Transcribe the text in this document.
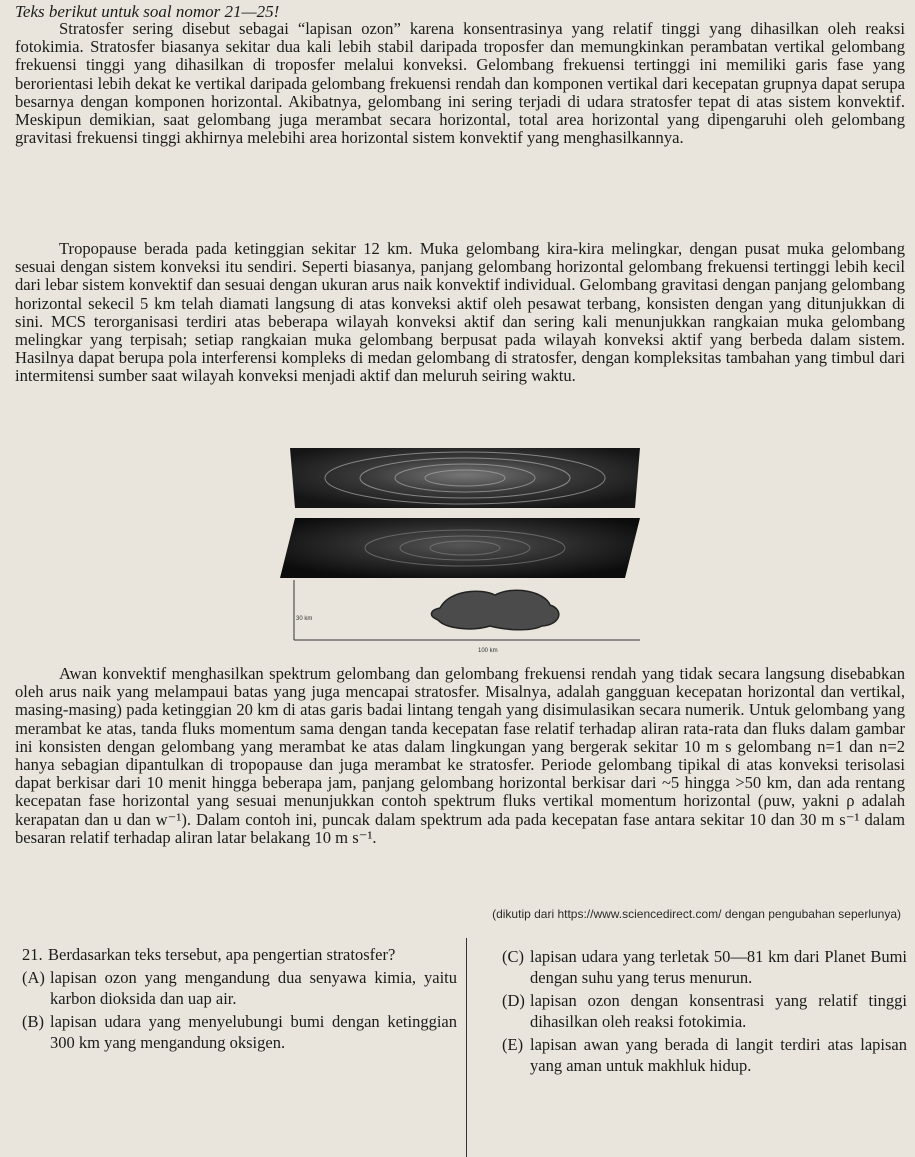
Teks berikut untuk soal nomor 21—25!

Stratosfer sering disebut sebagai “lapisan ozon” karena konsentrasinya yang relatif tinggi yang dihasilkan oleh reaksi fotokimia. Stratosfer biasanya sekitar dua kali lebih stabil daripada troposfer dan memungkinkan perambatan vertikal gelombang frekuensi tinggi yang dihasilkan di troposfer melalui konveksi. Gelombang frekuensi tertinggi ini memiliki garis fase yang berorientasi lebih dekat ke vertikal daripada gelombang frekuensi rendah dan komponen vertikal dari kecepatan grupnya dapat serupa besarnya dengan komponen horizontal. Akibatnya, gelombang ini sering terjadi di udara stratosfer tepat di atas sistem konvektif. Meskipun demikian, saat gelombang juga merambat secara horizontal, total area horizontal yang dipengaruhi oleh gelombang gravitasi frekuensi tinggi akhirnya melebihi area horizontal sistem konvektif yang menghasilkannya.

Tropopause berada pada ketinggian sekitar 12 km. Muka gelombang kira-kira melingkar, dengan pusat muka gelombang sesuai dengan sistem konveksi itu sendiri. Seperti biasanya, panjang gelombang horizontal gelombang frekuensi tertinggi lebih kecil dari lebar sistem konvektif dan sesuai dengan ukuran arus naik konvektif individual. Gelombang gravitasi dengan panjang gelombang horizontal sekecil 5 km telah diamati langsung di atas konveksi aktif oleh pesawat terbang, konsisten dengan yang ditunjukkan di sini. MCS terorganisasi terdiri atas beberapa wilayah konveksi aktif dan sering kali menunjukkan rangkaian muka gelombang melingkar yang terpisah; setiap rangkaian muka gelombang berpusat pada wilayah konveksi aktif yang berbeda dalam sistem. Hasilnya dapat berupa pola interferensi kompleks di medan gelombang di stratosfer, dengan kompleksitas tambahan yang timbul dari intermitensi sumber saat wilayah konveksi menjadi aktif dan meluruh seiring waktu.

30 km
100 km

Awan konvektif menghasilkan spektrum gelombang dan gelombang frekuensi rendah yang tidak secara langsung disebabkan oleh arus naik yang melampaui batas yang juga mencapai stratosfer. Misalnya, adalah gangguan kecepatan horizontal dan vertikal, masing-masing) pada ketinggian 20 km di atas garis badai lintang tengah yang disimulasikan secara numerik. Untuk gelombang yang merambat ke atas, tanda fluks momentum sama dengan tanda kecepatan fase relatif terhadap aliran rata-rata dan fluks dalam gambar ini konsisten dengan gelombang yang merambat ke atas dalam lingkungan yang bergerak sekitar 10 m s gelombang n=1 dan n=2 hanya sebagian dipantulkan di tropopause dan juga merambat ke stratosfer. Periode gelombang tipikal di atas konveksi terisolasi dapat berkisar dari 10 menit hingga beberapa jam, panjang gelombang horizontal berkisar dari ~5 hingga >50 km, dan ada rentang kecepatan fase horizontal yang sesuai menunjukkan contoh spektrum fluks vertikal momentum horizontal (ρuw, yakni ρ adalah kerapatan dan u dan w⁻¹). Dalam contoh ini, puncak dalam spektrum ada pada kecepatan fase antara sekitar 10 dan 30 m s⁻¹ dalam besaran relatif terhadap aliran latar belakang 10 m s⁻¹.

(dikutip dari https://www.sciencedirect.com/ dengan pengubahan seperlunya)
21. Berdasarkan teks tersebut, apa pengertian stratosfer?
(A) lapisan ozon yang mengandung dua senyawa kimia, yaitu karbon dioksida dan uap air.
(B) lapisan udara yang menyelubungi bumi dengan ketinggian 300 km yang mengandung oksigen.
(C) lapisan udara yang terletak 50—81 km dari Planet Bumi dengan suhu yang terus menurun.
(D) lapisan ozon dengan konsentrasi yang relatif tinggi dihasilkan oleh reaksi fotokimia.
(E) lapisan awan yang berada di langit terdiri atas lapisan yang aman untuk makhluk hidup.
